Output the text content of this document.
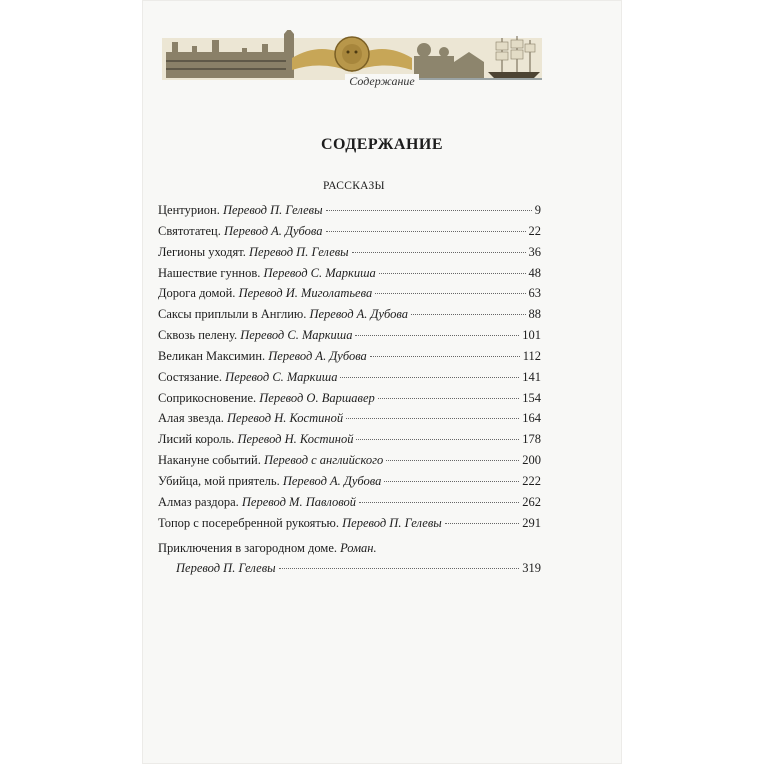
Содержание
СОДЕРЖАНИЕ
РАССКАЗЫ
Центурион. Перевод П. Гелевы	9
Святотатец. Перевод А. Дубова	22
Легионы уходят. Перевод П. Гелевы	36
Нашествие гуннов. Перевод С. Маркиша	48
Дорога домой. Перевод И. Миголатьева	63
Саксы приплыли в Англию. Перевод А. Дубова	88
Сквозь пелену. Перевод С. Маркиша	101
Великан Максимин. Перевод А. Дубова	112
Состязание. Перевод С. Маркиша	141
Соприкосновение. Перевод О. Варшавер	154
Алая звезда. Перевод Н. Костиной	164
Лисий король. Перевод Н. Костиной	178
Накануне событий. Перевод с английского	200
Убийца, мой приятель. Перевод А. Дубова	222
Алмаз раздора. Перевод М. Павловой	262
Топор с посеребренной рукоятью. Перевод П. Гелевы	291
Приключения в загородном доме. Роман.
Перевод П. Гелевы	319
